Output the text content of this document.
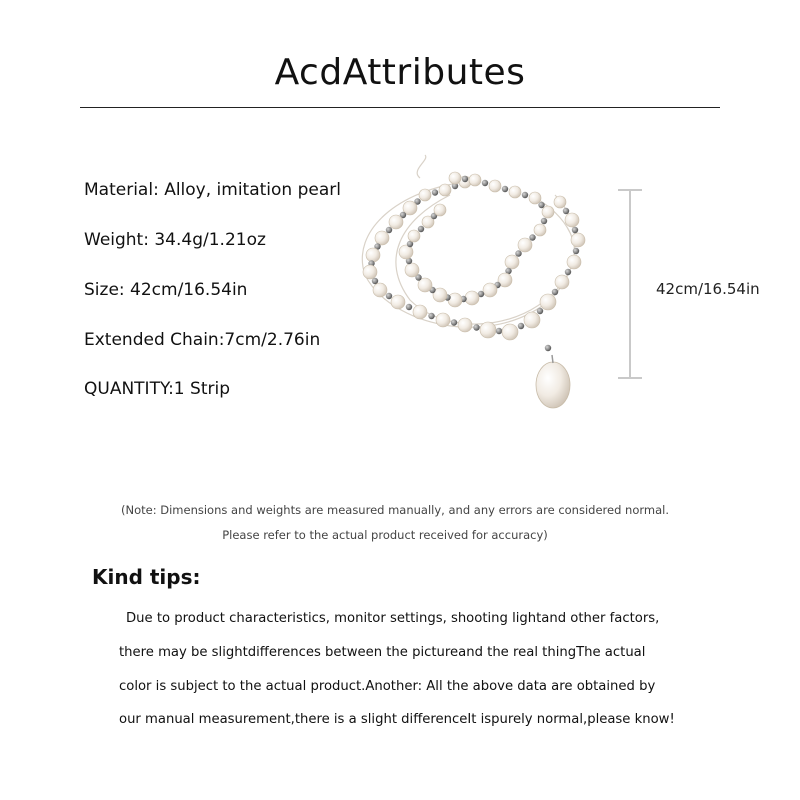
AcdAttributes
Material: Alloy, imitation pearl
Weight: 34.4g/1.21oz
Size: 42cm/16.54in
Extended Chain:7cm/2.76in
QUANTITY:1 Strip
42cm/16.54in
(Note: Dimensions and weights are measured manually, and any errors are considered normal.
Please refer to the actual product received for accuracy)
Kind tips:
Due to product characteristics, monitor settings, shooting lightand other factors,
there may be slightdifferences between the pictureand the real thingThe actual
color is subject to the actual product.Another: All the above data are obtained by
our manual measurement,there is a slight differenceIt ispurely normal,please know!
